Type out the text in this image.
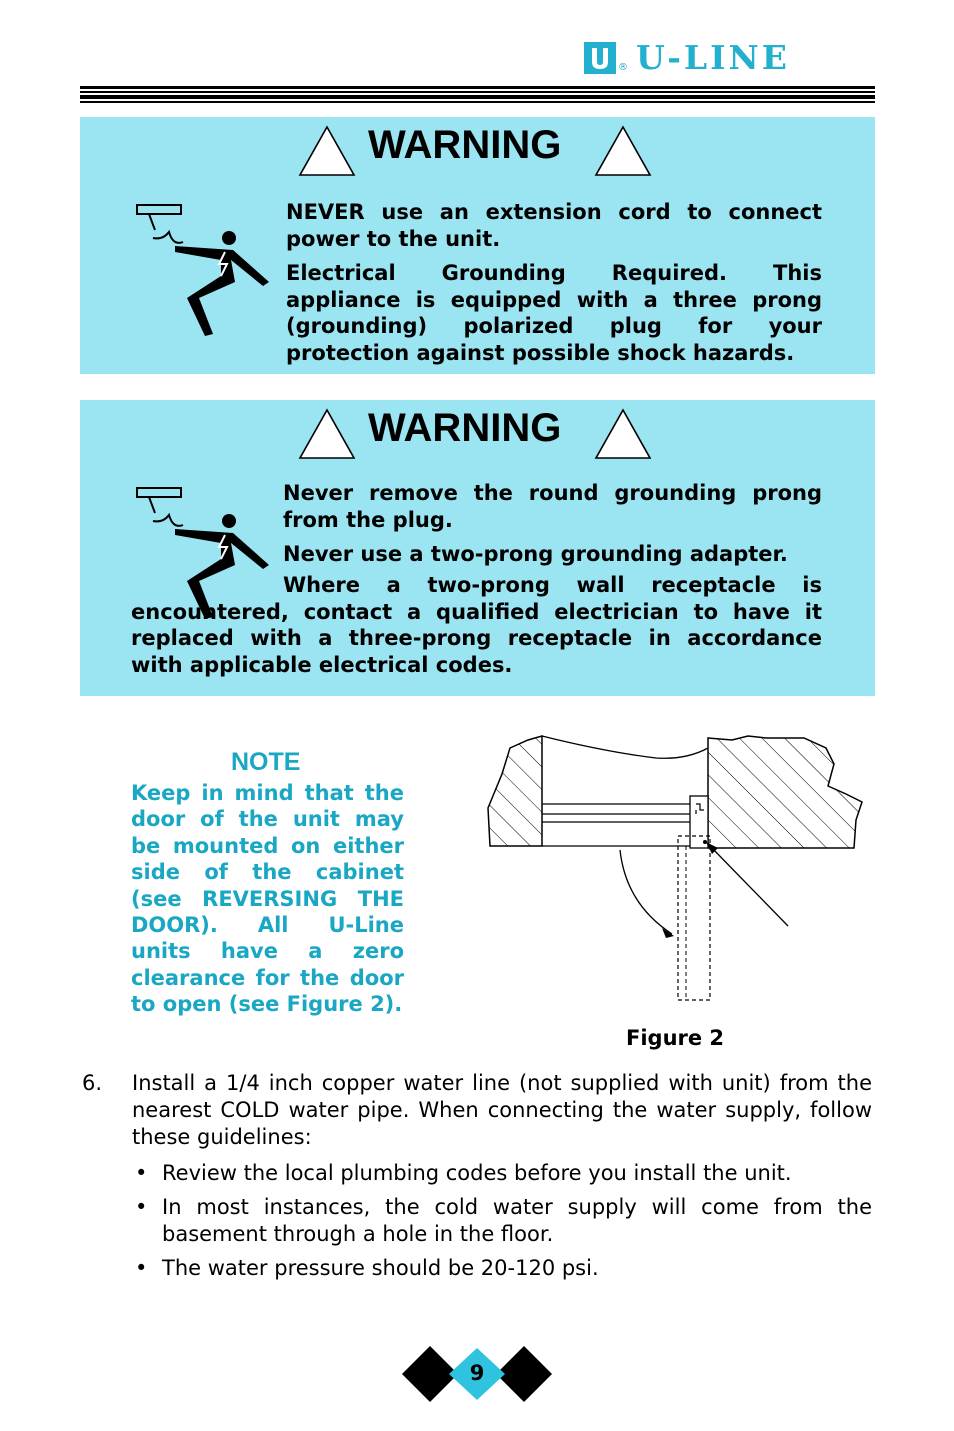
® U-LINE
WARNING

NEVER use an extension cord to connect power to the unit.

Electrical Grounding Required. This appliance is equipped with a three prong (grounding) polarized plug for your protection against possible shock hazards.

WARNING

Never remove the round grounding prong from the plug.

Never use a two-prong grounding adapter.

Where a two-prong wall receptacle is encountered, contact a qualified electrician to have it replaced with a three-prong receptacle in accordance with applicable electrical codes.

NOTE
Keep in mind that the door of the unit may be mounted on either side of the cabinet (see REVERSING THE DOOR). All U-Line units have a zero clearance for the door to open (see Figure 2).
Figure 2
6. Install a 1/4 inch copper water line (not supplied with unit) from the nearest COLD water pipe. When connecting the water supply, follow these guidelines:
• Review the local plumbing codes before you install the unit.
• In most instances, the cold water supply will come from the basement through a hole in the floor.
• The water pressure should be 20-120 psi.
9
